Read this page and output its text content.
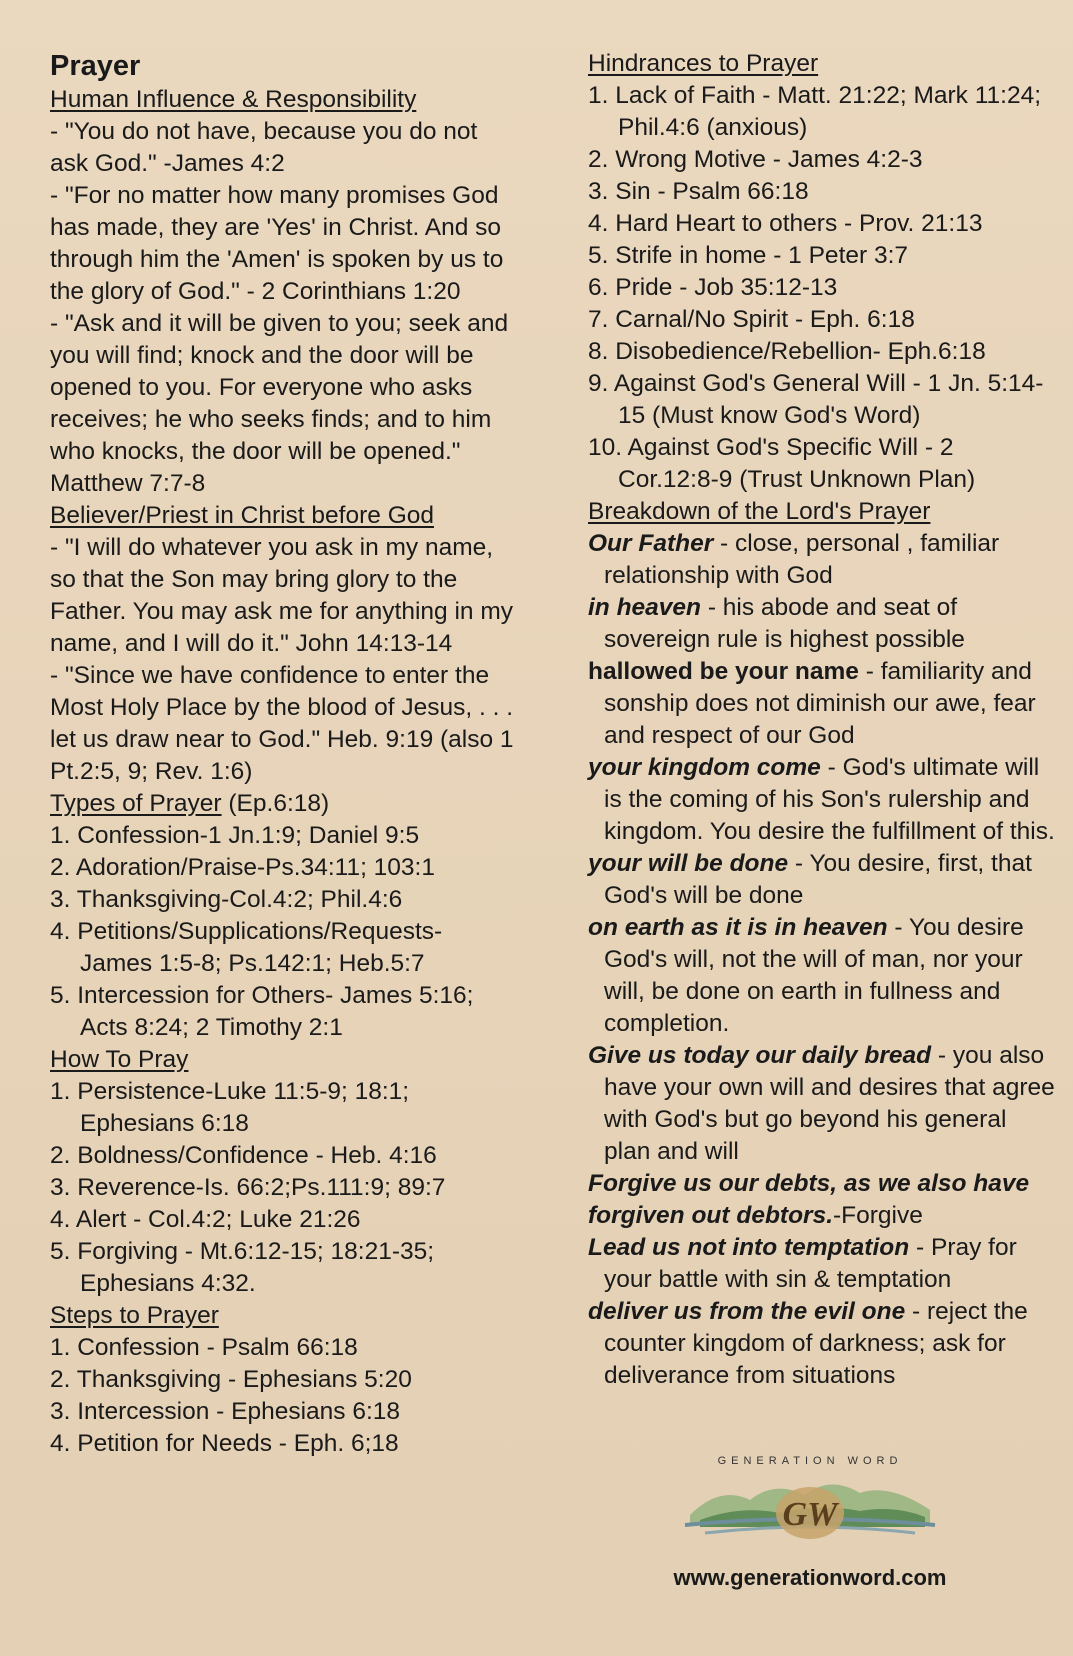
Prayer

Human Influence & Responsibility

- "You do not have, because you do not ask God." -James 4:2

- "For no matter how many promises God has made, they are 'Yes' in Christ. And so through him the 'Amen' is spoken by us to the glory of God." - 2 Corinthians 1:20

- "Ask and it will be given to you; seek and you will find; knock and the door will be opened to you. For everyone who asks receives; he who seeks finds; and to him who knocks, the door will be opened." Matthew 7:7-8

Believer/Priest in Christ before God

- "I will do whatever you ask in my name, so that the Son may bring glory to the Father. You may ask me for anything in my name, and I will do it." John 14:13-14

- "Since we have confidence to enter the Most Holy Place by the blood of Jesus, . . . let us draw near to God." Heb. 9:19 (also 1 Pt.2:5, 9; Rev. 1:6)

Types of Prayer (Ep.6:18)

1. Confession-1 Jn.1:9; Daniel 9:5

2. Adoration/Praise-Ps.34:11; 103:1

3. Thanksgiving-Col.4:2; Phil.4:6

4. Petitions/Supplications/Requests- James 1:5-8; Ps.142:1; Heb.5:7

5. Intercession for Others- James 5:16; Acts 8:24; 2 Timothy 2:1

How To Pray

1. Persistence-Luke 11:5-9; 18:1; Ephesians 6:18

2. Boldness/Confidence - Heb. 4:16

3. Reverence-Is. 66:2;Ps.111:9; 89:7

4. Alert - Col.4:2; Luke 21:26

5. Forgiving - Mt.6:12-15; 18:21-35; Ephesians 4:32.

Steps to Prayer

1. Confession - Psalm 66:18

2. Thanksgiving - Ephesians 5:20

3. Intercession - Ephesians 6:18

4. Petition for Needs - Eph. 6;18

Hindrances to Prayer

1. Lack of Faith - Matt. 21:22; Mark 11:24; Phil.4:6 (anxious)

2. Wrong Motive - James 4:2-3

3. Sin - Psalm 66:18

4. Hard Heart to others - Prov. 21:13

5. Strife in home - 1 Peter 3:7

6. Pride - Job 35:12-13

7. Carnal/No Spirit - Eph. 6:18

8. Disobedience/Rebellion- Eph.6:18

9. Against God's General Will - 1 Jn. 5:14-15 (Must know God's Word)

10. Against God's Specific Will - 2 Cor.12:8-9 (Trust Unknown Plan)

Breakdown of the Lord's Prayer

Our Father - close, personal , familiar relationship with God

in heaven - his abode and seat of sovereign rule is highest possible

hallowed be your name - familiarity and sonship does not diminish our awe, fear and respect of our God

your kingdom come - God's ultimate will is the coming of his Son's rulership and kingdom. You desire the fulfillment of this.

your will be done - You desire, first, that God's will be done

on earth as it is in heaven - You desire God's will, not the will of man, nor your will, be done on earth in fullness and completion.

Give us today our daily bread - you also have your own will and desires that agree with God's but go beyond his general plan and will

Forgive us our debts, as we also have forgiven out debtors.-Forgive

Lead us not into temptation - Pray for your battle with sin & temptation

deliver us from the evil one - reject the counter kingdom of darkness; ask for deliverance from situations

GENERATION WORD
GW
www.generationword.com
